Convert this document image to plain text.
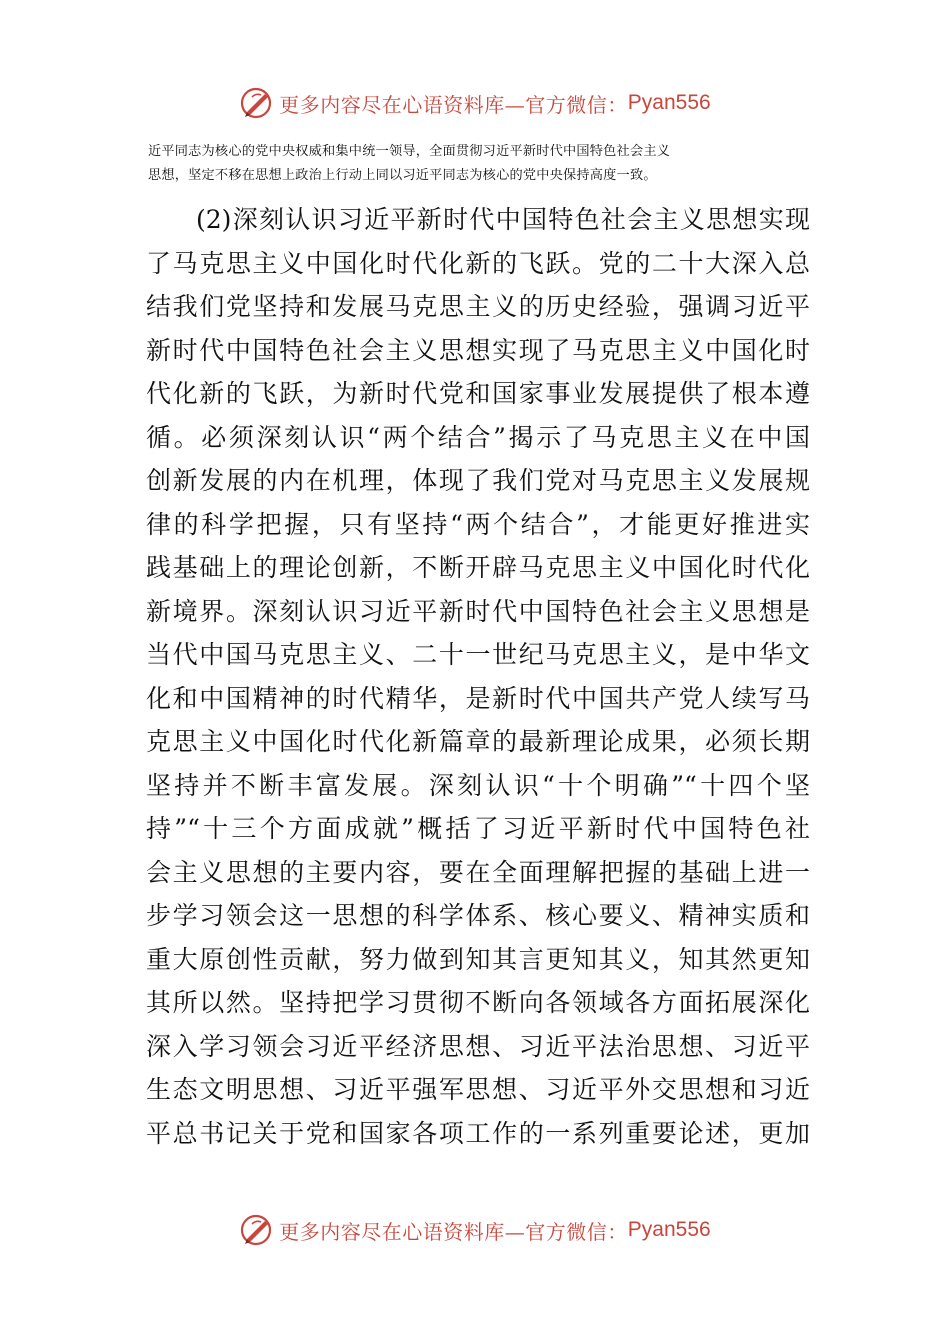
更多内容尽在心语资料库—官方微信： Pyan556
近平同志为核心的党中央权威和集中统一领导，全面贯彻习近平新时代中国特色社会主义
思想，坚定不移在思想上政治上行动上同以习近平同志为核心的党中央保持高度一致。
(2)深刻认识习近平新时代中国特色社会主义思想实现
了马克思主义中国化时代化新的飞跃。党的二十大深入总
结我们党坚持和发展马克思主义的历史经验，强调习近平
新时代中国特色社会主义思想实现了马克思主义中国化时
代化新的飞跃，为新时代党和国家事业发展提供了根本遵
循。必须深刻认识“两个结合”揭示了马克思主义在中国
创新发展的内在机理，体现了我们党对马克思主义发展规
律的科学把握，只有坚持“两个结合”，才能更好推进实
践基础上的理论创新，不断开辟马克思主义中国化时代化
新境界。深刻认识习近平新时代中国特色社会主义思想是
当代中国马克思主义、二十一世纪马克思主义，是中华文
化和中国精神的时代精华，是新时代中国共产党人续写马
克思主义中国化时代化新篇章的最新理论成果，必须长期
坚持并不断丰富发展。深刻认识“十个明确”“十四个坚
持”“十三个方面成就”概括了习近平新时代中国特色社
会主义思想的主要内容，要在全面理解把握的基础上进一
步学习领会这一思想的科学体系、核心要义、精神实质和
重大原创性贡献，努力做到知其言更知其义，知其然更知
其所以然。坚持把学习贯彻不断向各领域各方面拓展深化
深入学习领会习近平经济思想、习近平法治思想、习近平
生态文明思想、习近平强军思想、习近平外交思想和习近
平总书记关于党和国家各项工作的一系列重要论述，更加
更多内容尽在心语资料库—官方微信： Pyan556
